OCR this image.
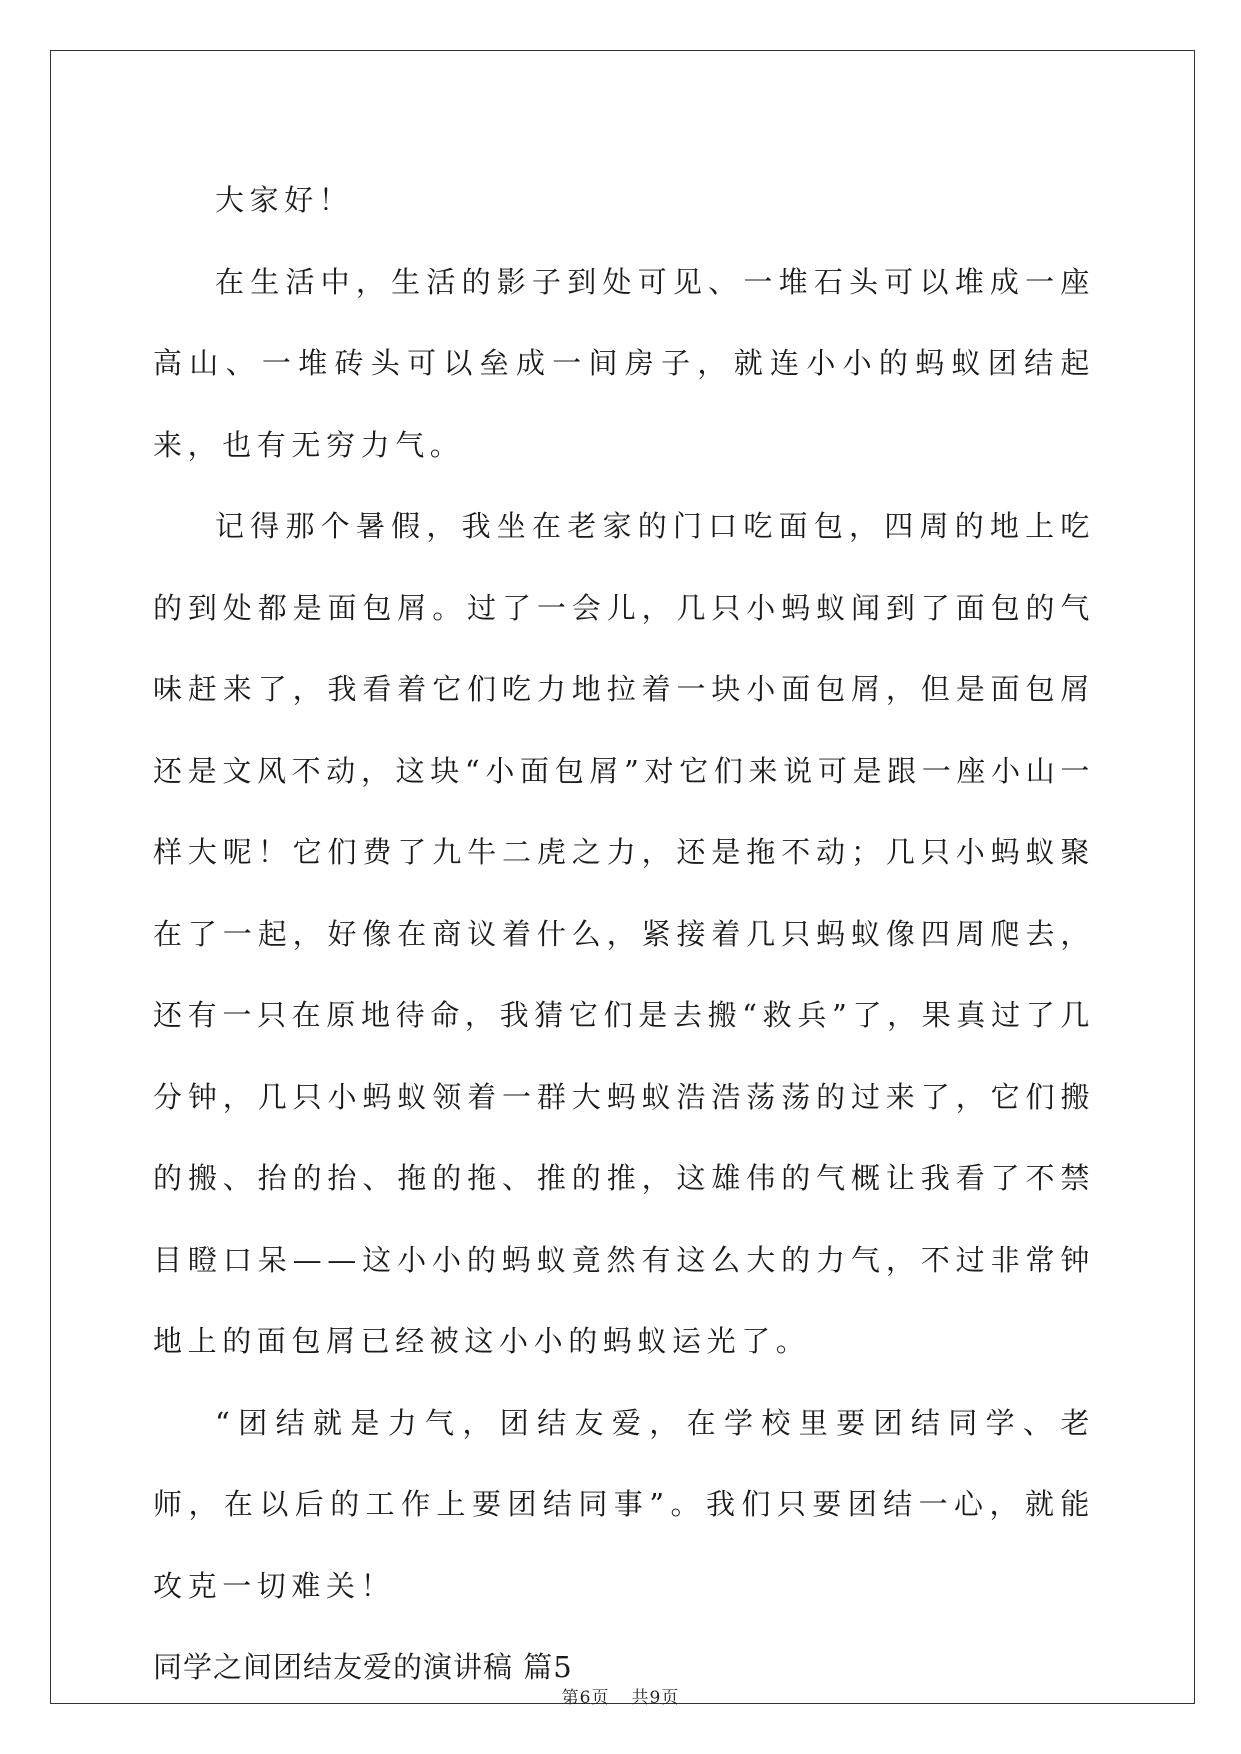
大家好！

在生活中，生活的影子到处可见、一堆石头可以堆成一座高山、一堆砖头可以垒成一间房子，就连小小的蚂蚁团结起来，也有无穷力气。

记得那个暑假，我坐在老家的门口吃面包，四周的地上吃的到处都是面包屑。过了一会儿，几只小蚂蚁闻到了面包的气味赶来了，我看着它们吃力地拉着一块小面包屑，但是面包屑还是文风不动，这块“小面包屑”对它们来说可是跟一座小山一样大呢！它们费了九牛二虎之力，还是拖不动；几只小蚂蚁聚在了一起，好像在商议着什么，紧接着几只蚂蚁像四周爬去，还有一只在原地待命，我猜它们是去搬“救兵”了，果真过了几分钟，几只小蚂蚁领着一群大蚂蚁浩浩荡荡的过来了，它们搬的搬、抬的抬、拖的拖、推的推，这雄伟的气概让我看了不禁目瞪口呆——这小小的蚂蚁竟然有这么大的力气，不过非常钟地上的面包屑已经被这小小的蚂蚁运光了。

“团结就是力气，团结友爱，在学校里要团结同学、老师，在以后的工作上要团结同事”。我们只要团结一心，就能攻克一切难关！

同学之间团结友爱的演讲稿 篇5

第6页 共9页
